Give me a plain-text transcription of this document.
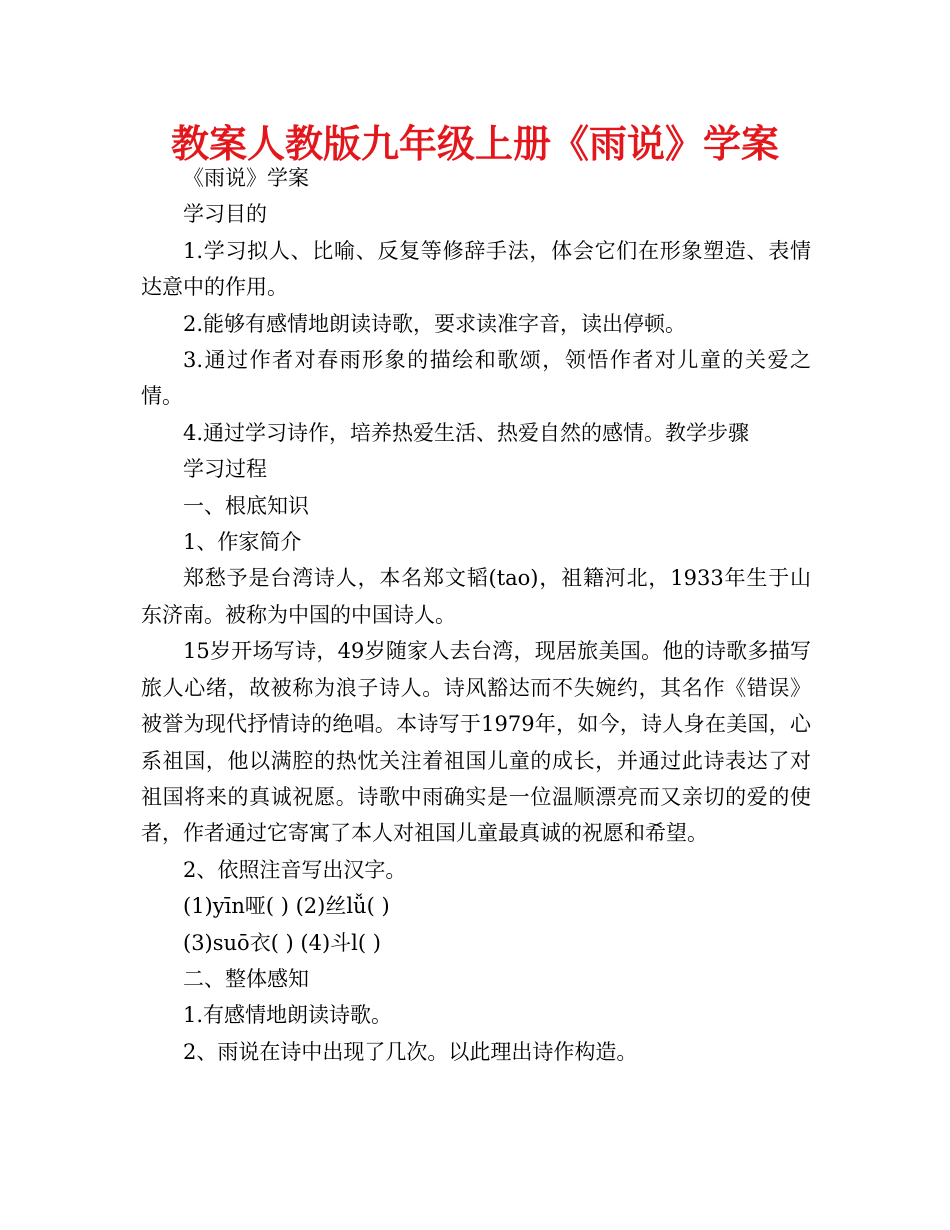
教案人教版九年级上册《雨说》学案

《雨说》学案

学习目的

1.学习拟人、比喻、反复等修辞手法，体会它们在形象塑造、表情达意中的作用。

2.能够有感情地朗读诗歌，要求读准字音，读出停顿。

3.通过作者对春雨形象的描绘和歌颂，领悟作者对儿童的关爱之情。

4.通过学习诗作，培养热爱生活、热爱自然的感情。教学步骤

学习过程

一、根底知识

1、作家简介

郑愁予是台湾诗人，本名郑文韬(tao)，祖籍河北，1933年生于山东济南。被称为中国的中国诗人。

15岁开场写诗，49岁随家人去台湾，现居旅美国。他的诗歌多描写旅人心绪，故被称为浪子诗人。诗风豁达而不失婉约，其名作《错误》被誉为现代抒情诗的绝唱。本诗写于1979年，如今，诗人身在美国，心系祖国，他以满腔的热忱关注着祖国儿童的成长，并通过此诗表达了对祖国将来的真诚祝愿。诗歌中雨确实是一位温顺漂亮而又亲切的爱的使者，作者通过它寄寓了本人对祖国儿童最真诚的祝愿和希望。

2、依照注音写出汉字。

(1)yīn哑( ) (2)丝lǚ( )

(3)suō衣( ) (4)斗l( )

二、整体感知

1.有感情地朗读诗歌。

2、雨说在诗中出现了几次。以此理出诗作构造。
